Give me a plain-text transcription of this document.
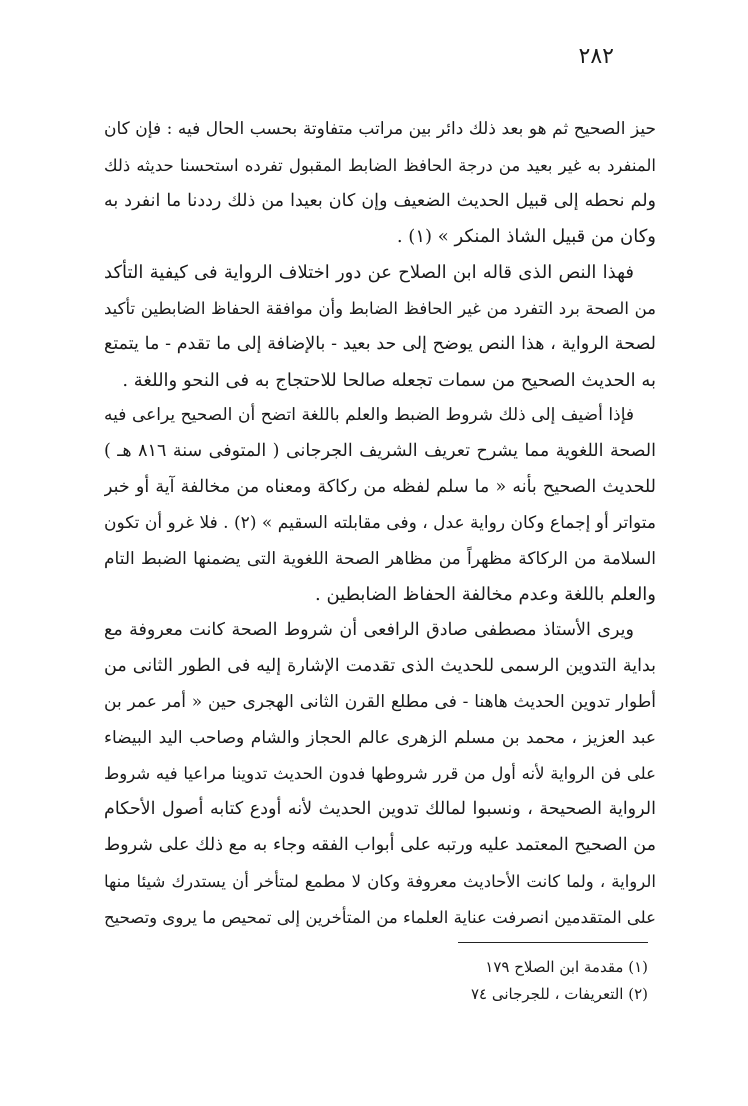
٢٨٢
حيز الصحيح ثم هو بعد ذلك دائر بين مراتب متفاوتة بحسب الحال فيه : فإن كان
المنفرد به غير بعيد من درجة الحافظ الضابط المقبول تفرده استحسنا حديثه ذلك
ولم نحطه إلى قبيل الحديث الضعيف وإن كان بعيدا من ذلك رددنا ما انفرد به
وكان من قبيل الشاذ المنكر » (١) .
فهذا النص الذى قاله ابن الصلاح عن دور اختلاف الرواية فى كيفية التأكد
من الصحة برد التفرد من غير الحافظ الضابط وأن موافقة الحفاظ الضابطين تأكيد
لصحة الرواية ، هذا النص يوضح إلى حد بعيد - بالإضافة إلى ما تقدم - ما يتمتع
به الحديث الصحيح من سمات تجعله صالحا للاحتجاج به فى النحو واللغة .
فإذا أضيف إلى ذلك شروط الضبط والعلم باللغة اتضح أن الصحيح يراعى فيه
الصحة اللغوية مما يشرح تعريف الشريف الجرجانى ( المتوفى سنة ٨١٦ هـ )
للحديث الصحيح بأنه « ما سلم لفظه من ركاكة ومعناه من مخالفة آية أو خبر
متواتر أو إجماع وكان رواية عدل ، وفى مقابلته السقيم » (٢) . فلا غرو أن تكون
السلامة من الركاكة مظهراً من مظاهر الصحة اللغوية التى يضمنها الضبط التام
والعلم باللغة وعدم مخالفة الحفاظ الضابطين .
ويرى الأستاذ مصطفى صادق الرافعى أن شروط الصحة كانت معروفة مع
بداية التدوين الرسمى للحديث الذى تقدمت الإشارة إليه فى الطور الثانى من
أطوار تدوين الحديث هاهنا - فى مطلع القرن الثانى الهجرى حين « أمر عمر بن
عبد العزيز ، محمد بن مسلم الزهرى عالم الحجاز والشام وصاحب اليد البيضاء
على فن الرواية لأنه أول من قرر شروطها فدون الحديث تدوينا مراعيا فيه شروط
الرواية الصحيحة ، ونسبوا لمالك تدوين الحديث لأنه أودع كتابه أصول الأحكام
من الصحيح المعتمد عليه ورتبه على أبواب الفقه وجاء به مع ذلك على شروط
الرواية ، ولما كانت الأحاديث معروفة وكان لا مطمع لمتأخر أن يستدرك شيئا منها
على المتقدمين انصرفت عناية العلماء من المتأخرين إلى تمحيص ما يروى وتصحيح
(١) مقدمة ابن الصلاح ١٧٩
(٢) التعريفات ، للجرجانى ٧٤
